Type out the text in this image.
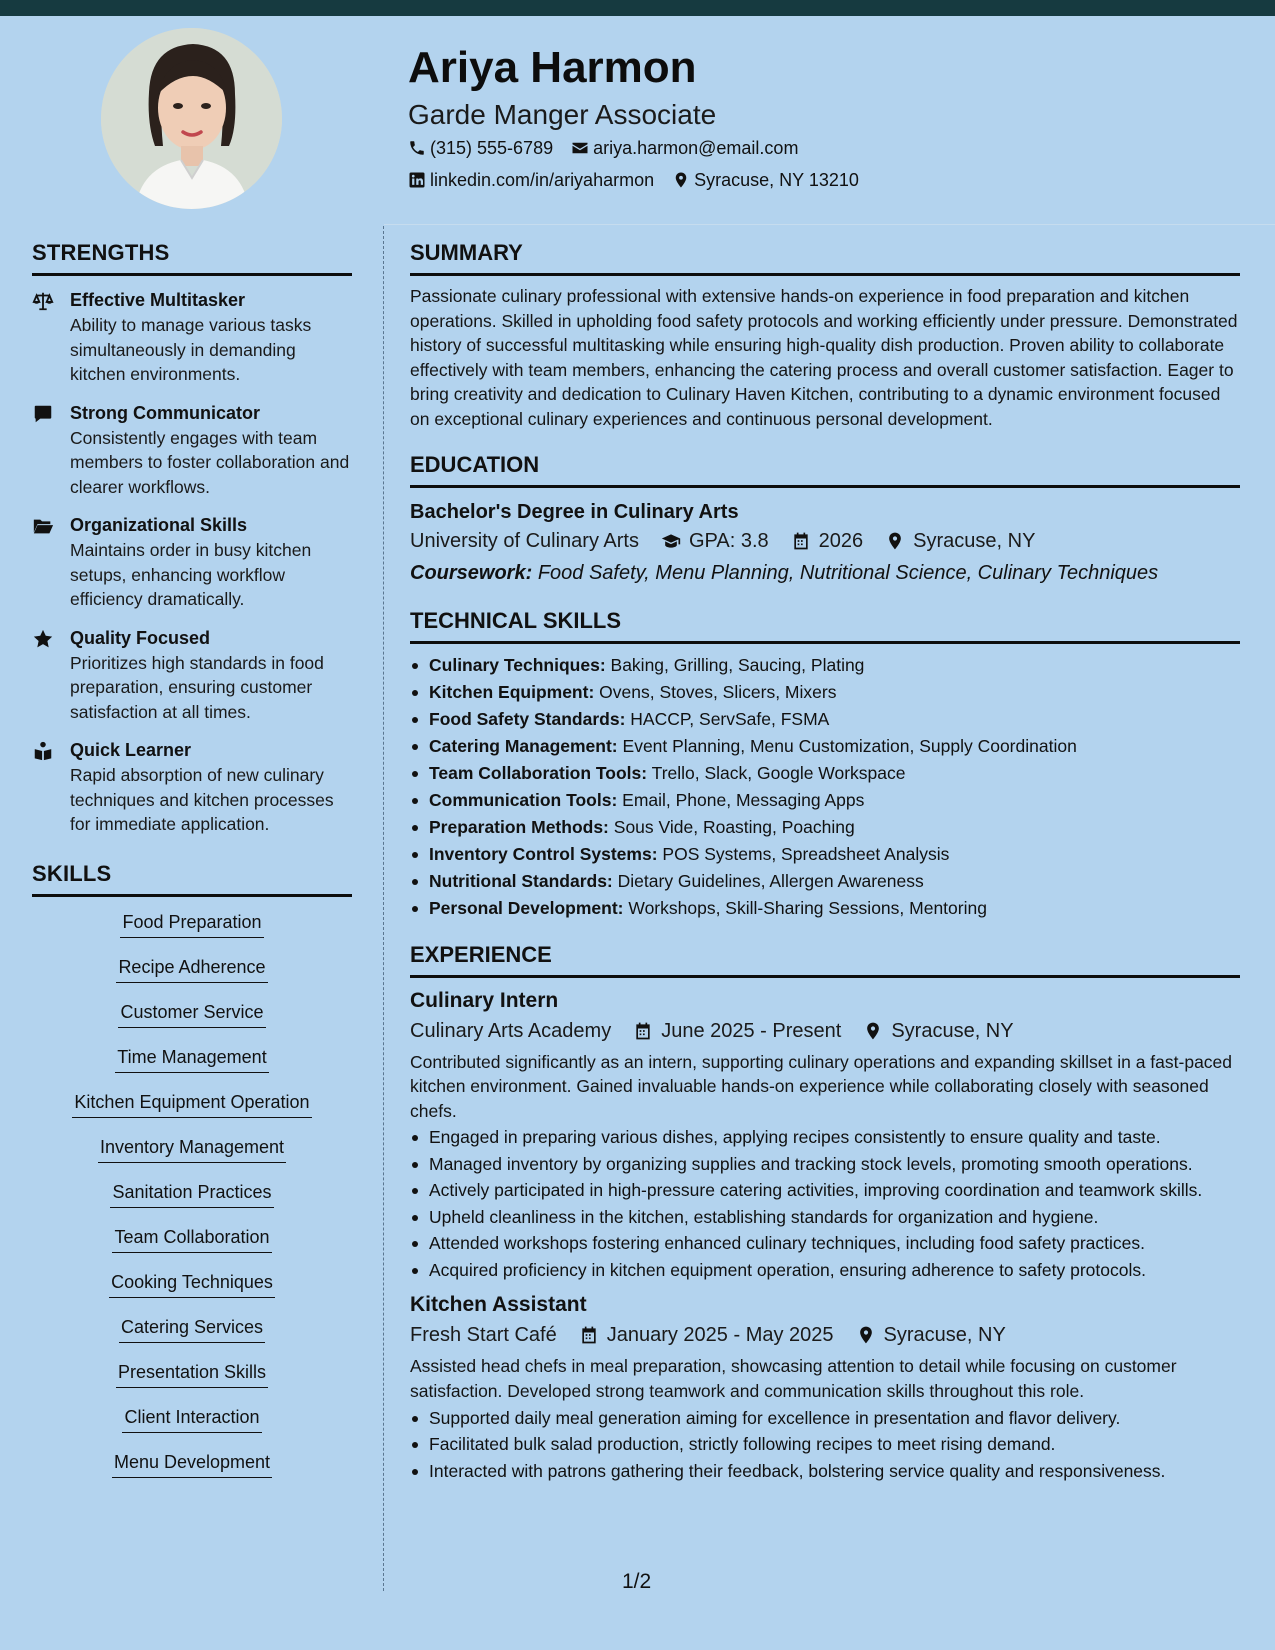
Ariya Harmon
Garde Manger Associate
(315) 555-6789 ariya.harmon@email.com
linkedin.com/in/ariyaharmon Syracuse, NY 13210
STRENGTHS
Effective Multitasker
Ability to manage various tasks simultaneously in demanding kitchen environments.
Strong Communicator
Consistently engages with team members to foster collaboration and clearer workflows.
Organizational Skills
Maintains order in busy kitchen setups, enhancing workflow efficiency dramatically.
Quality Focused
Prioritizes high standards in food preparation, ensuring customer satisfaction at all times.
Quick Learner
Rapid absorption of new culinary techniques and kitchen processes for immediate application.
SKILLS
Food Preparation
Recipe Adherence
Customer Service
Time Management
Kitchen Equipment Operation
Inventory Management
Sanitation Practices
Team Collaboration
Cooking Techniques
Catering Services
Presentation Skills
Client Interaction
Menu Development
SUMMARY
Passionate culinary professional with extensive hands-on experience in food preparation and kitchen operations. Skilled in upholding food safety protocols and working efficiently under pressure. Demonstrated history of successful multitasking while ensuring high-quality dish production. Proven ability to collaborate effectively with team members, enhancing the catering process and overall customer satisfaction. Eager to bring creativity and dedication to Culinary Haven Kitchen, contributing to a dynamic environment focused on exceptional culinary experiences and continuous personal development.
EDUCATION
Bachelor's Degree in Culinary Arts
University of Culinary Arts	GPA: 3.8	2026	Syracuse, NY
Coursework: Food Safety, Menu Planning, Nutritional Science, Culinary Techniques
TECHNICAL SKILLS
Culinary Techniques: Baking, Grilling, Saucing, Plating
Kitchen Equipment: Ovens, Stoves, Slicers, Mixers
Food Safety Standards: HACCP, ServSafe, FSMA
Catering Management: Event Planning, Menu Customization, Supply Coordination
Team Collaboration Tools: Trello, Slack, Google Workspace
Communication Tools: Email, Phone, Messaging Apps
Preparation Methods: Sous Vide, Roasting, Poaching
Inventory Control Systems: POS Systems, Spreadsheet Analysis
Nutritional Standards: Dietary Guidelines, Allergen Awareness
Personal Development: Workshops, Skill-Sharing Sessions, Mentoring
EXPERIENCE
Culinary Intern
Culinary Arts Academy	June 2025 - Present	Syracuse, NY
Contributed significantly as an intern, supporting culinary operations and expanding skillset in a fast-paced kitchen environment. Gained invaluable hands-on experience while collaborating closely with seasoned chefs.
Engaged in preparing various dishes, applying recipes consistently to ensure quality and taste.
Managed inventory by organizing supplies and tracking stock levels, promoting smooth operations.
Actively participated in high-pressure catering activities, improving coordination and teamwork skills.
Upheld cleanliness in the kitchen, establishing standards for organization and hygiene.
Attended workshops fostering enhanced culinary techniques, including food safety practices.
Acquired proficiency in kitchen equipment operation, ensuring adherence to safety protocols.
Kitchen Assistant
Fresh Start Café	January 2025 - May 2025	Syracuse, NY
Assisted head chefs in meal preparation, showcasing attention to detail while focusing on customer satisfaction. Developed strong teamwork and communication skills throughout this role.
Supported daily meal generation aiming for excellence in presentation and flavor delivery.
Facilitated bulk salad production, strictly following recipes to meet rising demand.
Interacted with patrons gathering their feedback, bolstering service quality and responsiveness.
1/2
